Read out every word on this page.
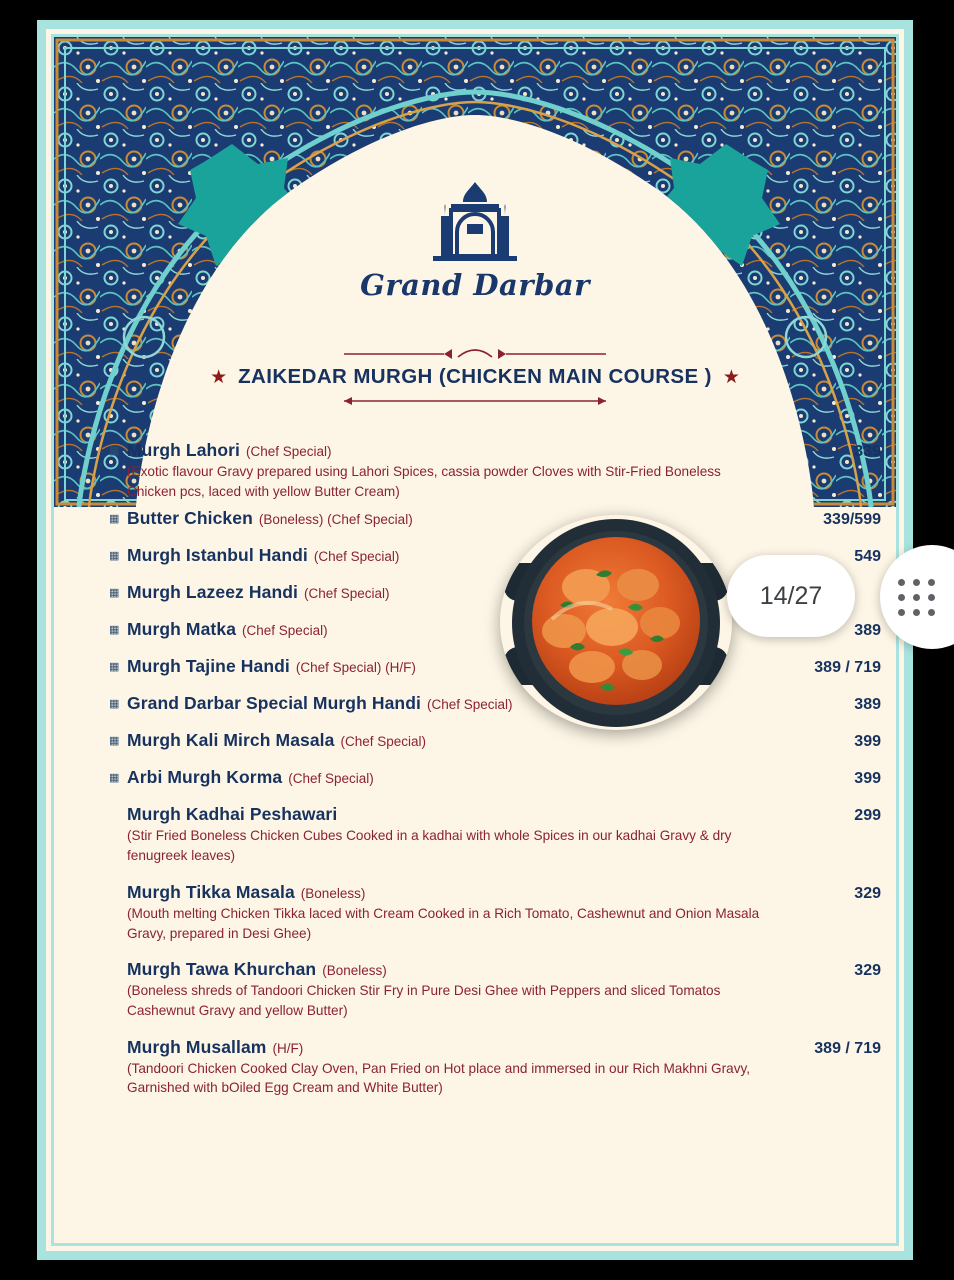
Grand Darbar
★ ZAIKEDAR MURGH (CHICKEN MAIN COURSE ) ★
▦ Murgh Lahori (Chef Special)	339
(Exotic flavour Gravy prepared using Lahori Spices, cassia powder Cloves with Stir-Fried Boneless Chicken pcs, laced with yellow Butter Cream)
▦ Butter Chicken (Boneless) (Chef Special)	339/599
▦ Murgh Istanbul Handi (Chef Special)	549
▦ Murgh Lazeez Handi (Chef Special)
▦ Murgh Matka (Chef Special)	389
▦ Murgh Tajine Handi (Chef Special) (H/F)	389 / 719
▦ Grand Darbar Special Murgh Handi (Chef Special)	389
▦ Murgh Kali Mirch Masala (Chef Special)	399
▦ Arbi Murgh Korma (Chef Special)	399
Murgh Kadhai Peshawari	299
(Stir Fried Boneless Chicken Cubes Cooked in a kadhai with whole Spices in our kadhai Gravy & dry fenugreek leaves)
Murgh Tikka Masala (Boneless)	329
(Mouth melting Chicken Tikka laced with Cream Cooked in a Rich Tomato, Cashewnut and Onion Masala Gravy, prepared in Desi Ghee)
Murgh Tawa Khurchan (Boneless)	329
(Boneless shreds of Tandoori Chicken Stir Fry in Pure Desi Ghee with Peppers and sliced Tomatos Cashewnut Gravy and yellow Butter)
Murgh Musallam (H/F)	389 / 719
(Tandoori Chicken Cooked Clay Oven, Pan Fried on Hot place and immersed in our Rich Makhni Gravy, Garnished with bOiled Egg Cream and White Butter)
14/27
